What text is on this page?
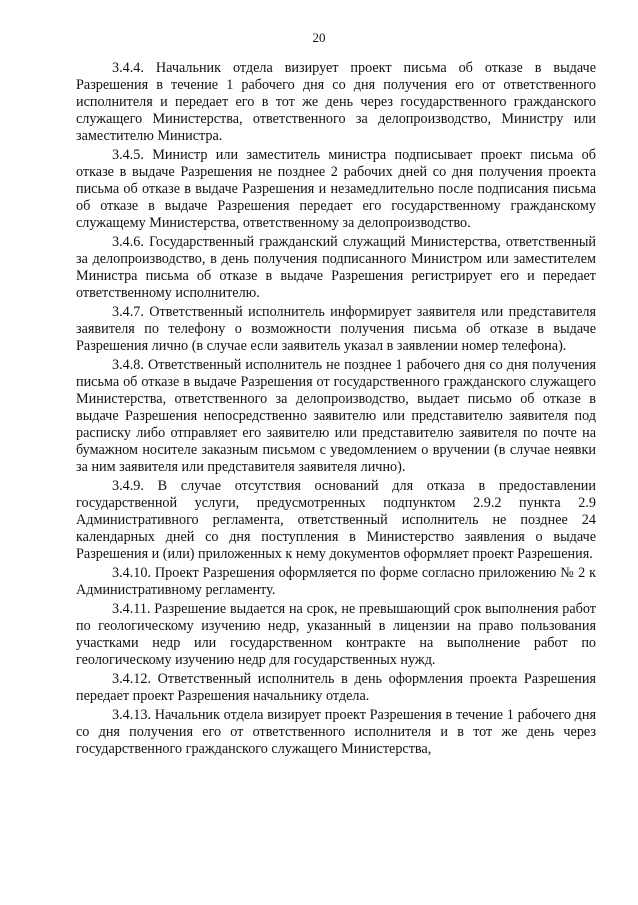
20

3.4.4. Начальник отдела визирует проект письма об отказе в выдаче Разрешения в течение 1 рабочего дня со дня получения его от ответственного исполнителя и передает его в тот же день через государственного гражданского служащего Министерства, ответственного за делопроизводство, Министру или заместителю Министра.

3.4.5. Министр или заместитель министра подписывает проект письма об отказе в выдаче Разрешения не позднее 2 рабочих дней со дня получения проекта письма об отказе в выдаче Разрешения и незамедлительно после подписания письма об отказе в выдаче Разрешения передает его государственному гражданскому служащему Министерства, ответственному за делопроизводство.

3.4.6. Государственный гражданский служащий Министерства, ответственный за делопроизводство, в день получения подписанного Министром или заместителем Министра письма об отказе в выдаче Разрешения регистрирует его и передает ответственному исполнителю.

3.4.7. Ответственный исполнитель информирует заявителя или представителя заявителя по телефону о возможности получения письма об отказе в выдаче Разрешения лично (в случае если заявитель указал в заявлении номер телефона).

3.4.8. Ответственный исполнитель не позднее 1 рабочего дня со дня получения письма об отказе в выдаче Разрешения от государственного гражданского служащего Министерства, ответственного за делопроизводство, выдает письмо об отказе в выдаче Разрешения непосредственно заявителю или представителю заявителя под расписку либо отправляет его заявителю или представителю заявителя по почте на бумажном носителе заказным письмом с уведомлением о вручении (в случае неявки за ним заявителя или представителя заявителя лично).

3.4.9. В случае отсутствия оснований для отказа в предоставлении государственной услуги, предусмотренных подпунктом 2.9.2 пункта 2.9 Административного регламента, ответственный исполнитель не позднее 24 календарных дней со дня поступления в Министерство заявления о выдаче Разрешения и (или) приложенных к нему документов оформляет проект Разрешения.

3.4.10. Проект Разрешения оформляется по форме согласно приложению № 2 к Административному регламенту.

3.4.11. Разрешение выдается на срок, не превышающий срок выполнения работ по геологическому изучению недр, указанный в лицензии на право пользования участками недр или государственном контракте на выполнение работ по геологическому изучению недр для государственных нужд.

3.4.12. Ответственный исполнитель в день оформления проекта Разрешения передает проект Разрешения начальнику отдела.

3.4.13. Начальник отдела визирует проект Разрешения в течение 1 рабочего дня со дня получения его от ответственного исполнителя и в тот же день через государственного гражданского служащего Министерства,
